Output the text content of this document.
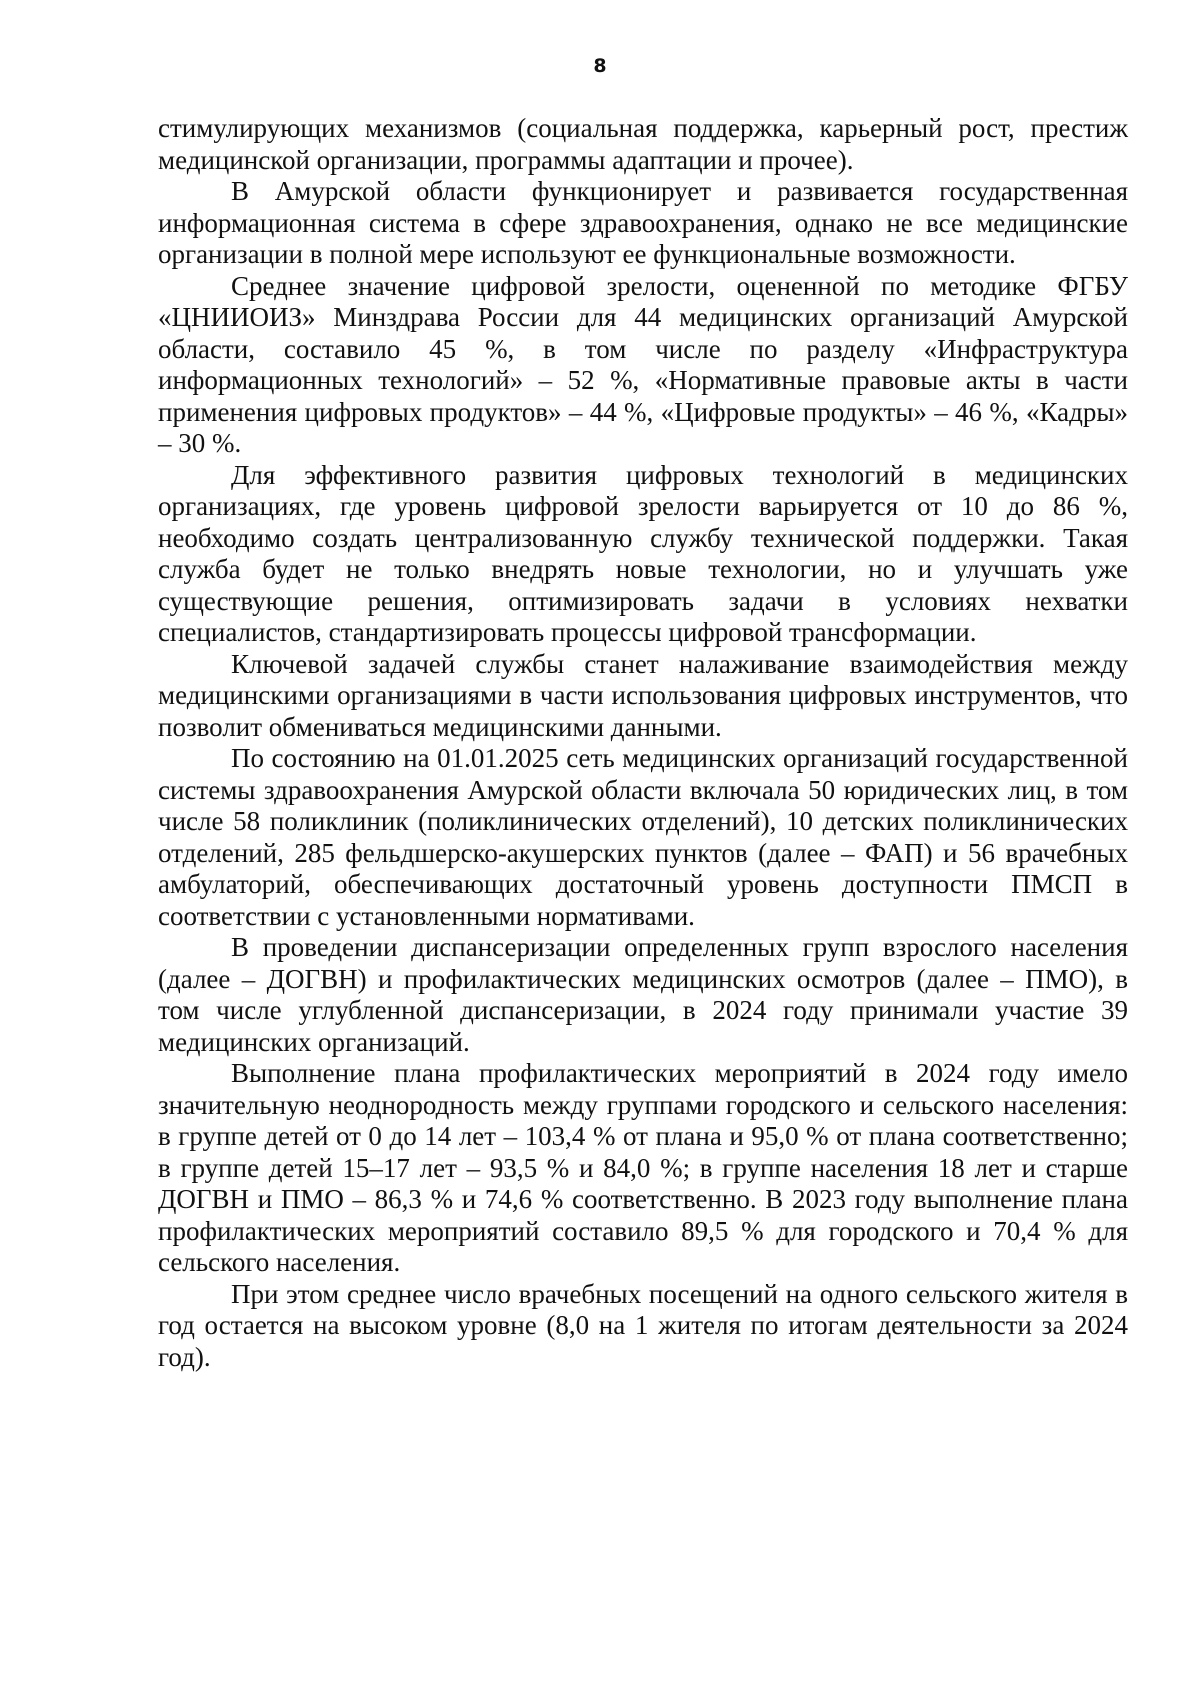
8

стимулирующих механизмов (социальная поддержка, карьерный рост, престиж медицинской организации, программы адаптации и прочее).

В Амурской области функционирует и развивается государственная информационная система в сфере здравоохранения, однако не все медицинские организации в полной мере используют ее функциональные возможности.

Среднее значение цифровой зрелости, оцененной по методике ФГБУ «ЦНИИОИЗ» Минздрава России для 44 медицинских организаций Амурской области, составило 45 %, в том числе по разделу «Инфраструктура информационных технологий» – 52 %, «Нормативные правовые акты в части применения цифровых продуктов» – 44 %, «Цифровые продукты» – 46 %, «Кадры» – 30 %.

Для эффективного развития цифровых технологий в медицинских организациях, где уровень цифровой зрелости варьируется от 10 до 86 %, необходимо создать централизованную службу технической поддержки. Такая служба будет не только внедрять новые технологии, но и улучшать уже существующие решения, оптимизировать задачи в условиях нехватки специалистов, стандартизировать процессы цифровой трансформации.

Ключевой задачей службы станет налаживание взаимодействия между медицинскими организациями в части использования цифровых инструментов, что позволит обмениваться медицинскими данными.

По состоянию на 01.01.2025 сеть медицинских организаций государственной системы здравоохранения Амурской области включала 50 юридических лиц, в том числе 58 поликлиник (поликлинических отделений), 10 детских поликлинических отделений, 285 фельдшерско-акушерских пунктов (далее – ФАП) и 56 врачебных амбулаторий, обеспечивающих достаточный уровень доступности ПМСП в соответствии с установленными нормативами.

В проведении диспансеризации определенных групп взрослого населения (далее – ДОГВН) и профилактических медицинских осмотров (далее – ПМО), в том числе углубленной диспансеризации, в 2024 году принимали участие 39 медицинских организаций.

Выполнение плана профилактических мероприятий в 2024 году имело значительную неоднородность между группами городского и сельского населения: в группе детей от 0 до 14 лет – 103,4 % от плана и 95,0 % от плана соответственно; в группе детей 15–17 лет – 93,5 % и 84,0 %; в группе населения 18 лет и старше ДОГВН и ПМО – 86,3 % и 74,6 % соответственно. В 2023 году выполнение плана профилактических мероприятий составило 89,5 % для городского и 70,4 % для сельского населения.

При этом среднее число врачебных посещений на одного сельского жителя в год остается на высоком уровне (8,0 на 1 жителя по итогам деятельности за 2024 год).
